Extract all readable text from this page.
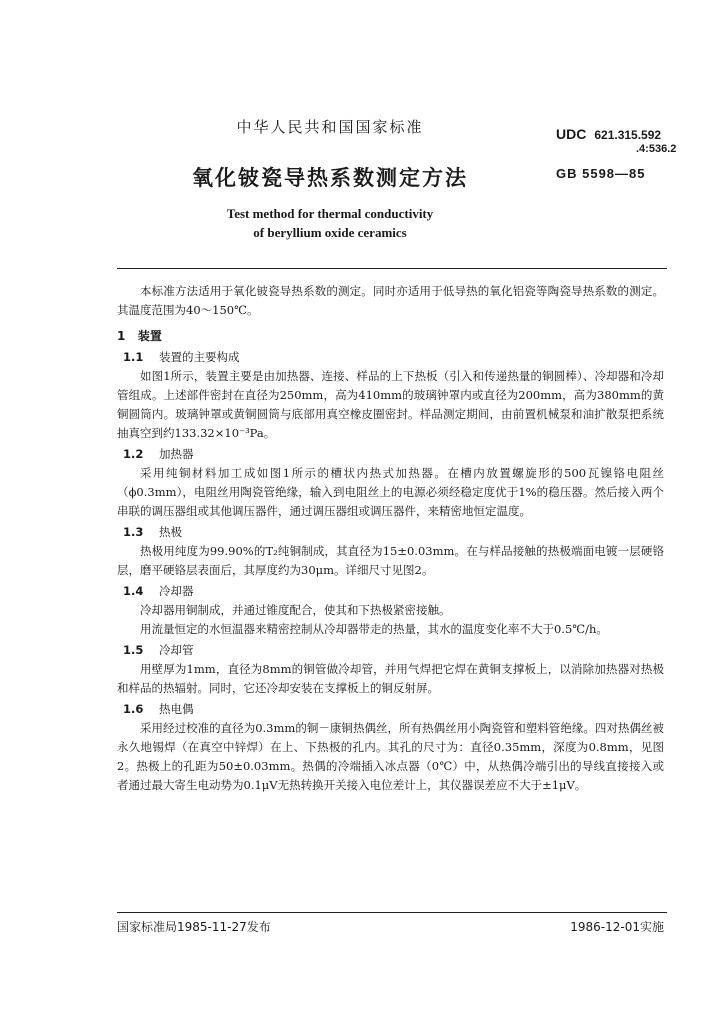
中华人民共和国国家标准	UDC 621.315.592
.4:536.2
GB 5598—85
氧化铍瓷导热系数测定方法
Test method for thermal conductivity
of beryllium oxide ceramics

本标准方法适用于氧化铍瓷导热系数的测定。同时亦适用于低导热的氧化铝瓷等陶瓷导热系数的测定。其温度范围为40～150℃。

1 装置
1.1 装置的主要构成

如图1所示，装置主要是由加热器、连接、样品的上下热板（引入和传递热量的铜圆棒）、冷却器和冷却管组成。上述部件密封在直径为250mm，高为410mm的玻璃钟罩内或直径为200mm，高为380mm的黄铜圆筒内。玻璃钟罩或黄铜圆筒与底部用真空橡皮圈密封。样品测定期间，由前置机械泵和油扩散泵把系统抽真空到约133.32×10⁻³Pa。

1.2 加热器

采用纯铜材料加工成如图1所示的槽状内热式加热器。在槽内放置螺旋形的500瓦镍铬电阻丝（ϕ0.3mm），电阻丝用陶瓷管绝缘，输入到电阻丝上的电源必须经稳定度优于1%的稳压器。然后接入两个串联的调压器组或其他调压器件，通过调压器组或调压器件，来精密地恒定温度。

1.3 热极

热极用纯度为99.90%的T₂纯铜制成，其直径为15±0.03mm。在与样品接触的热极端面电镀一层硬铬层，磨平硬铬层表面后，其厚度约为30μm。详细尺寸见图2。

1.4 冷却器

冷却器用铜制成，并通过锥度配合，使其和下热极紧密接触。

用流量恒定的水恒温器来精密控制从冷却器带走的热量，其水的温度变化率不大于0.5℃/h。

1.5 冷却管

用壁厚为1mm，直径为8mm的铜管做冷却管，并用气焊把它焊在黄铜支撑板上，以消除加热器对热极和样品的热辐射。同时，它还冷却安装在支撑板上的铜反射屏。

1.6 热电偶

采用经过校准的直径为0.3mm的铜－康铜热偶丝，所有热偶丝用小陶瓷管和塑料管绝缘。四对热偶丝被永久地锡焊（在真空中锌焊）在上、下热极的孔内。其孔的尺寸为：直径0.35mm，深度为0.8mm，见图2。热极上的孔距为50±0.03mm。热偶的冷端插入冰点器（0℃）中，从热偶冷端引出的导线直接接入或者通过最大寄生电动势为0.1μV无热转换开关接入电位差计上，其仪器误差应不大于±1μV。

国家标准局1985-11-27发布	1986-12-01实施
